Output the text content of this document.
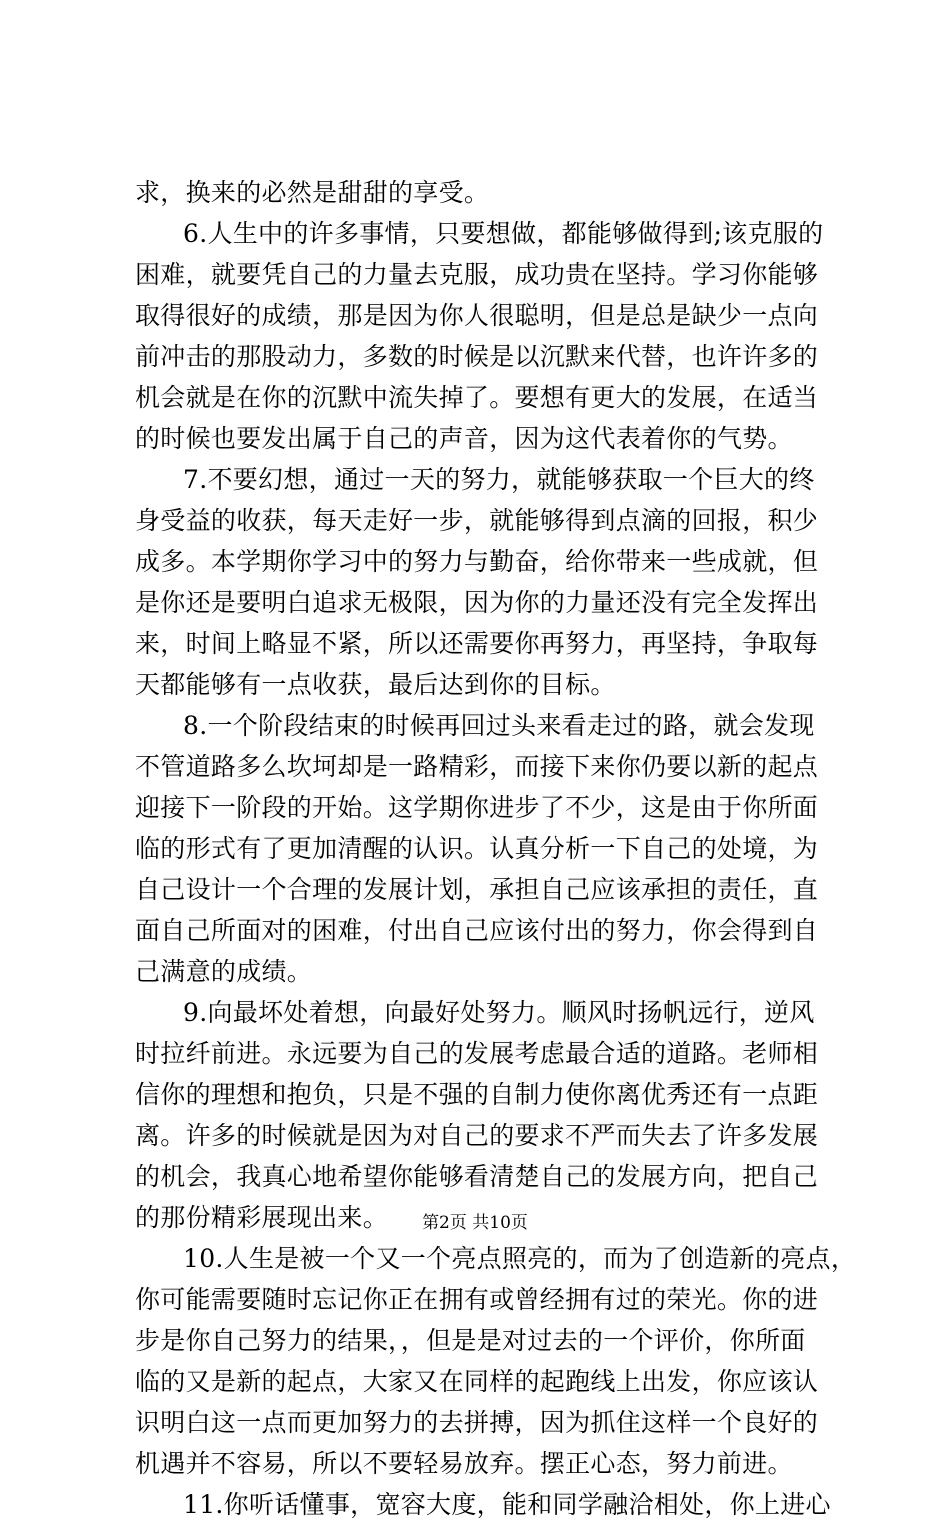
求，换来的必然是甜甜的享受。
6.人生中的许多事情，只要想做，都能够做得到;该克服的
困难，就要凭自己的力量去克服，成功贵在坚持。学习你能够
取得很好的成绩，那是因为你人很聪明，但是总是缺少一点向
前冲击的那股动力，多数的时候是以沉默来代替，也许许多的
机会就是在你的沉默中流失掉了。要想有更大的发展，在适当
的时候也要发出属于自己的声音，因为这代表着你的气势。
7.不要幻想，通过一天的努力，就能够获取一个巨大的终
身受益的收获，每天走好一步，就能够得到点滴的回报，积少
成多。本学期你学习中的努力与勤奋，给你带来一些成就，但
是你还是要明白追求无极限，因为你的力量还没有完全发挥出
来，时间上略显不紧，所以还需要你再努力，再坚持，争取每
天都能够有一点收获，最后达到你的目标。
8.一个阶段结束的时候再回过头来看走过的路，就会发现
不管道路多么坎坷却是一路精彩，而接下来你仍要以新的起点
迎接下一阶段的开始。这学期你进步了不少，这是由于你所面
临的形式有了更加清醒的认识。认真分析一下自己的处境，为
自己设计一个合理的发展计划，承担自己应该承担的责任，直
面自己所面对的困难，付出自己应该付出的努力，你会得到自
己满意的成绩。
9.向最坏处着想，向最好处努力。顺风时扬帆远行，逆风
时拉纤前进。永远要为自己的发展考虑最合适的道路。老师相
信你的理想和抱负，只是不强的自制力使你离优秀还有一点距
离。许多的时候就是因为对自己的要求不严而失去了许多发展
的机会，我真心地希望你能够看清楚自己的发展方向，把自己
的那份精彩展现出来。
10.人生是被一个又一个亮点照亮的，而为了创造新的亮点，
你可能需要随时忘记你正在拥有或曾经拥有过的荣光。你的进
步是你自己努力的结果，，但是是对过去的一个评价，你所面
临的又是新的起点，大家又在同样的起跑线上出发，你应该认
识明白这一点而更加努力的去拼搏，因为抓住这样一个良好的
机遇并不容易，所以不要轻易放弃。摆正心态，努力前进。
11.你听话懂事，宽容大度，能和同学融洽相处，你上进心
第2页 共10页
